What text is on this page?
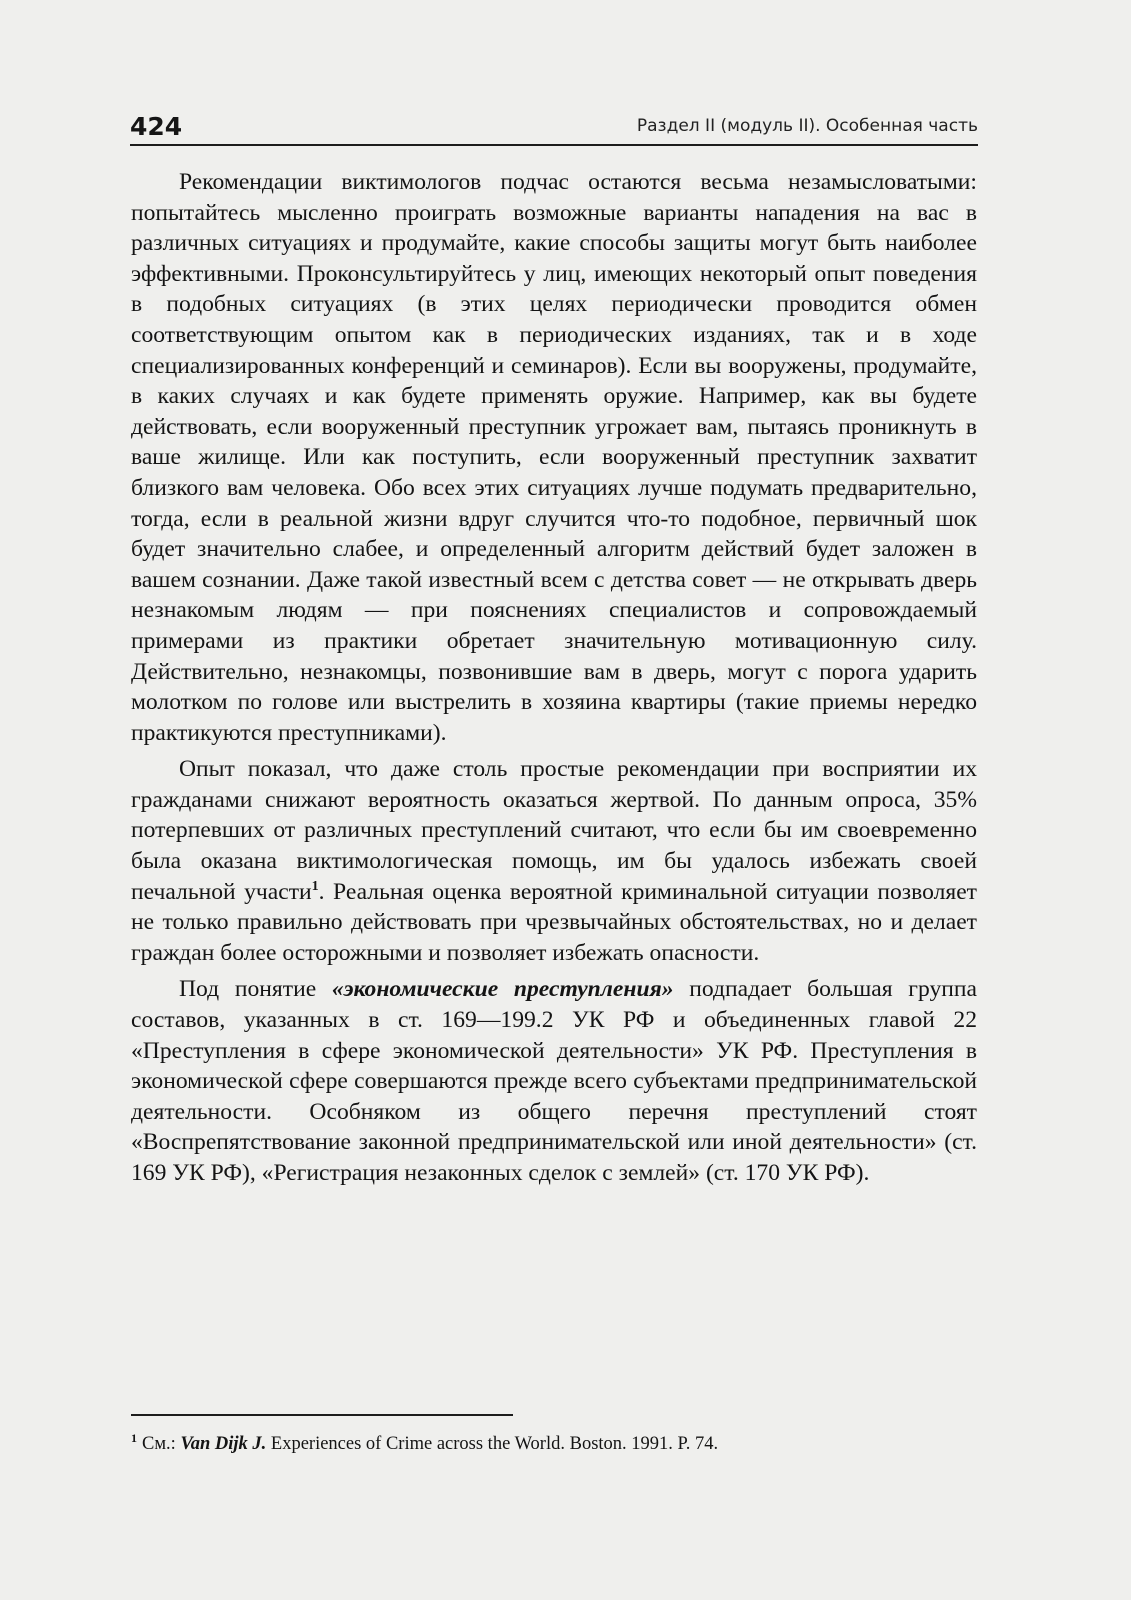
424	Раздел II (модуль II). Особенная часть

Рекомендации виктимологов подчас остаются весьма незамысловатыми: попытайтесь мысленно проиграть возможные варианты нападения на вас в различных ситуациях и продумайте, какие способы защиты могут быть наиболее эффективными. Проконсультируйтесь у лиц, имеющих некоторый опыт поведения в подобных ситуациях (в этих целях периодически проводится обмен соответствующим опытом как в периодических изданиях, так и в ходе специализированных конференций и семинаров). Если вы вооружены, продумайте, в каких случаях и как будете применять оружие. Например, как вы будете действовать, если вооруженный преступник угрожает вам, пытаясь проникнуть в ваше жилище. Или как поступить, если вооруженный преступник захватит близкого вам человека. Обо всех этих ситуациях лучше подумать предварительно, тогда, если в реальной жизни вдруг случится что-то подобное, первичный шок будет значительно слабее, и определенный алгоритм действий будет заложен в вашем сознании. Даже такой известный всем с детства совет — не открывать дверь незнакомым людям — при пояснениях специалистов и сопровождаемый примерами из практики обретает значительную мотивационную силу. Действительно, незнакомцы, позвонившие вам в дверь, могут с порога ударить молотком по голове или выстрелить в хозяина квартиры (такие приемы нередко практикуются преступниками).

Опыт показал, что даже столь простые рекомендации при восприятии их гражданами снижают вероятность оказаться жертвой. По данным опроса, 35% потерпевших от различных преступлений считают, что если бы им своевременно была оказана виктимологическая помощь, им бы удалось избежать своей печальной участи$^1$. Реальная оценка вероятной криминальной ситуации позволяет не только правильно действовать при чрезвычайных обстоятельствах, но и делает граждан более осторожными и позволяет избежать опасности.

Под понятие «экономические преступления» подпадает большая группа составов, указанных в ст. 169—199.2 УК РФ и объединенных главой 22 «Преступления в сфере экономической деятельности» УК РФ. Преступления в экономической сфере совершаются прежде всего субъектами предпринимательской деятельности. Особняком из общего перечня преступлений стоят «Воспрепятствование законной предпринимательской или иной деятельности» (ст. 169 УК РФ), «Регистрация незаконных сделок с землей» (ст. 170 УК РФ).

$^1$ См.: Van Dijk J. Experiences of Crime across the World. Boston. 1991. P. 74.
